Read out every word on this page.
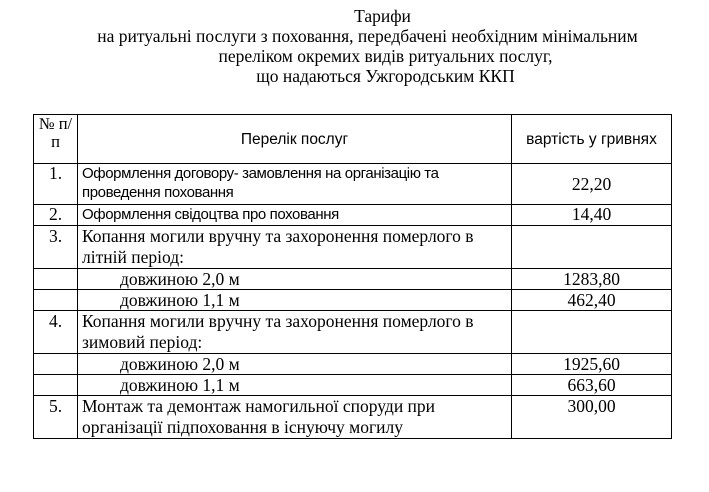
Тарифи
на ритуальні послуги з поховання, передбачені необхідним мінімальним
переліком окремих видів ритуальних послуг,
що надаються Ужгородським ККП
№ п/п	Перелік послуг	вартість у гривнях
1.	Оформлення договору- замовлення на організацію та проведення поховання	22,20
2.	Оформлення свідоцтва про поховання	14,40
3.	Копання могили вручну та захоронення померлого в літній період:	
	довжиною 2,0 м	1283,80
	довжиною 1,1 м	462,40
4.	Копання могили вручну та захоронення померлого в зимовий період:	
	довжиною 2,0 м	1925,60
	довжиною 1,1 м	663,60
5.	Монтаж та демонтаж намогильної споруди при організації підпоховання в існуючу могилу	300,00
